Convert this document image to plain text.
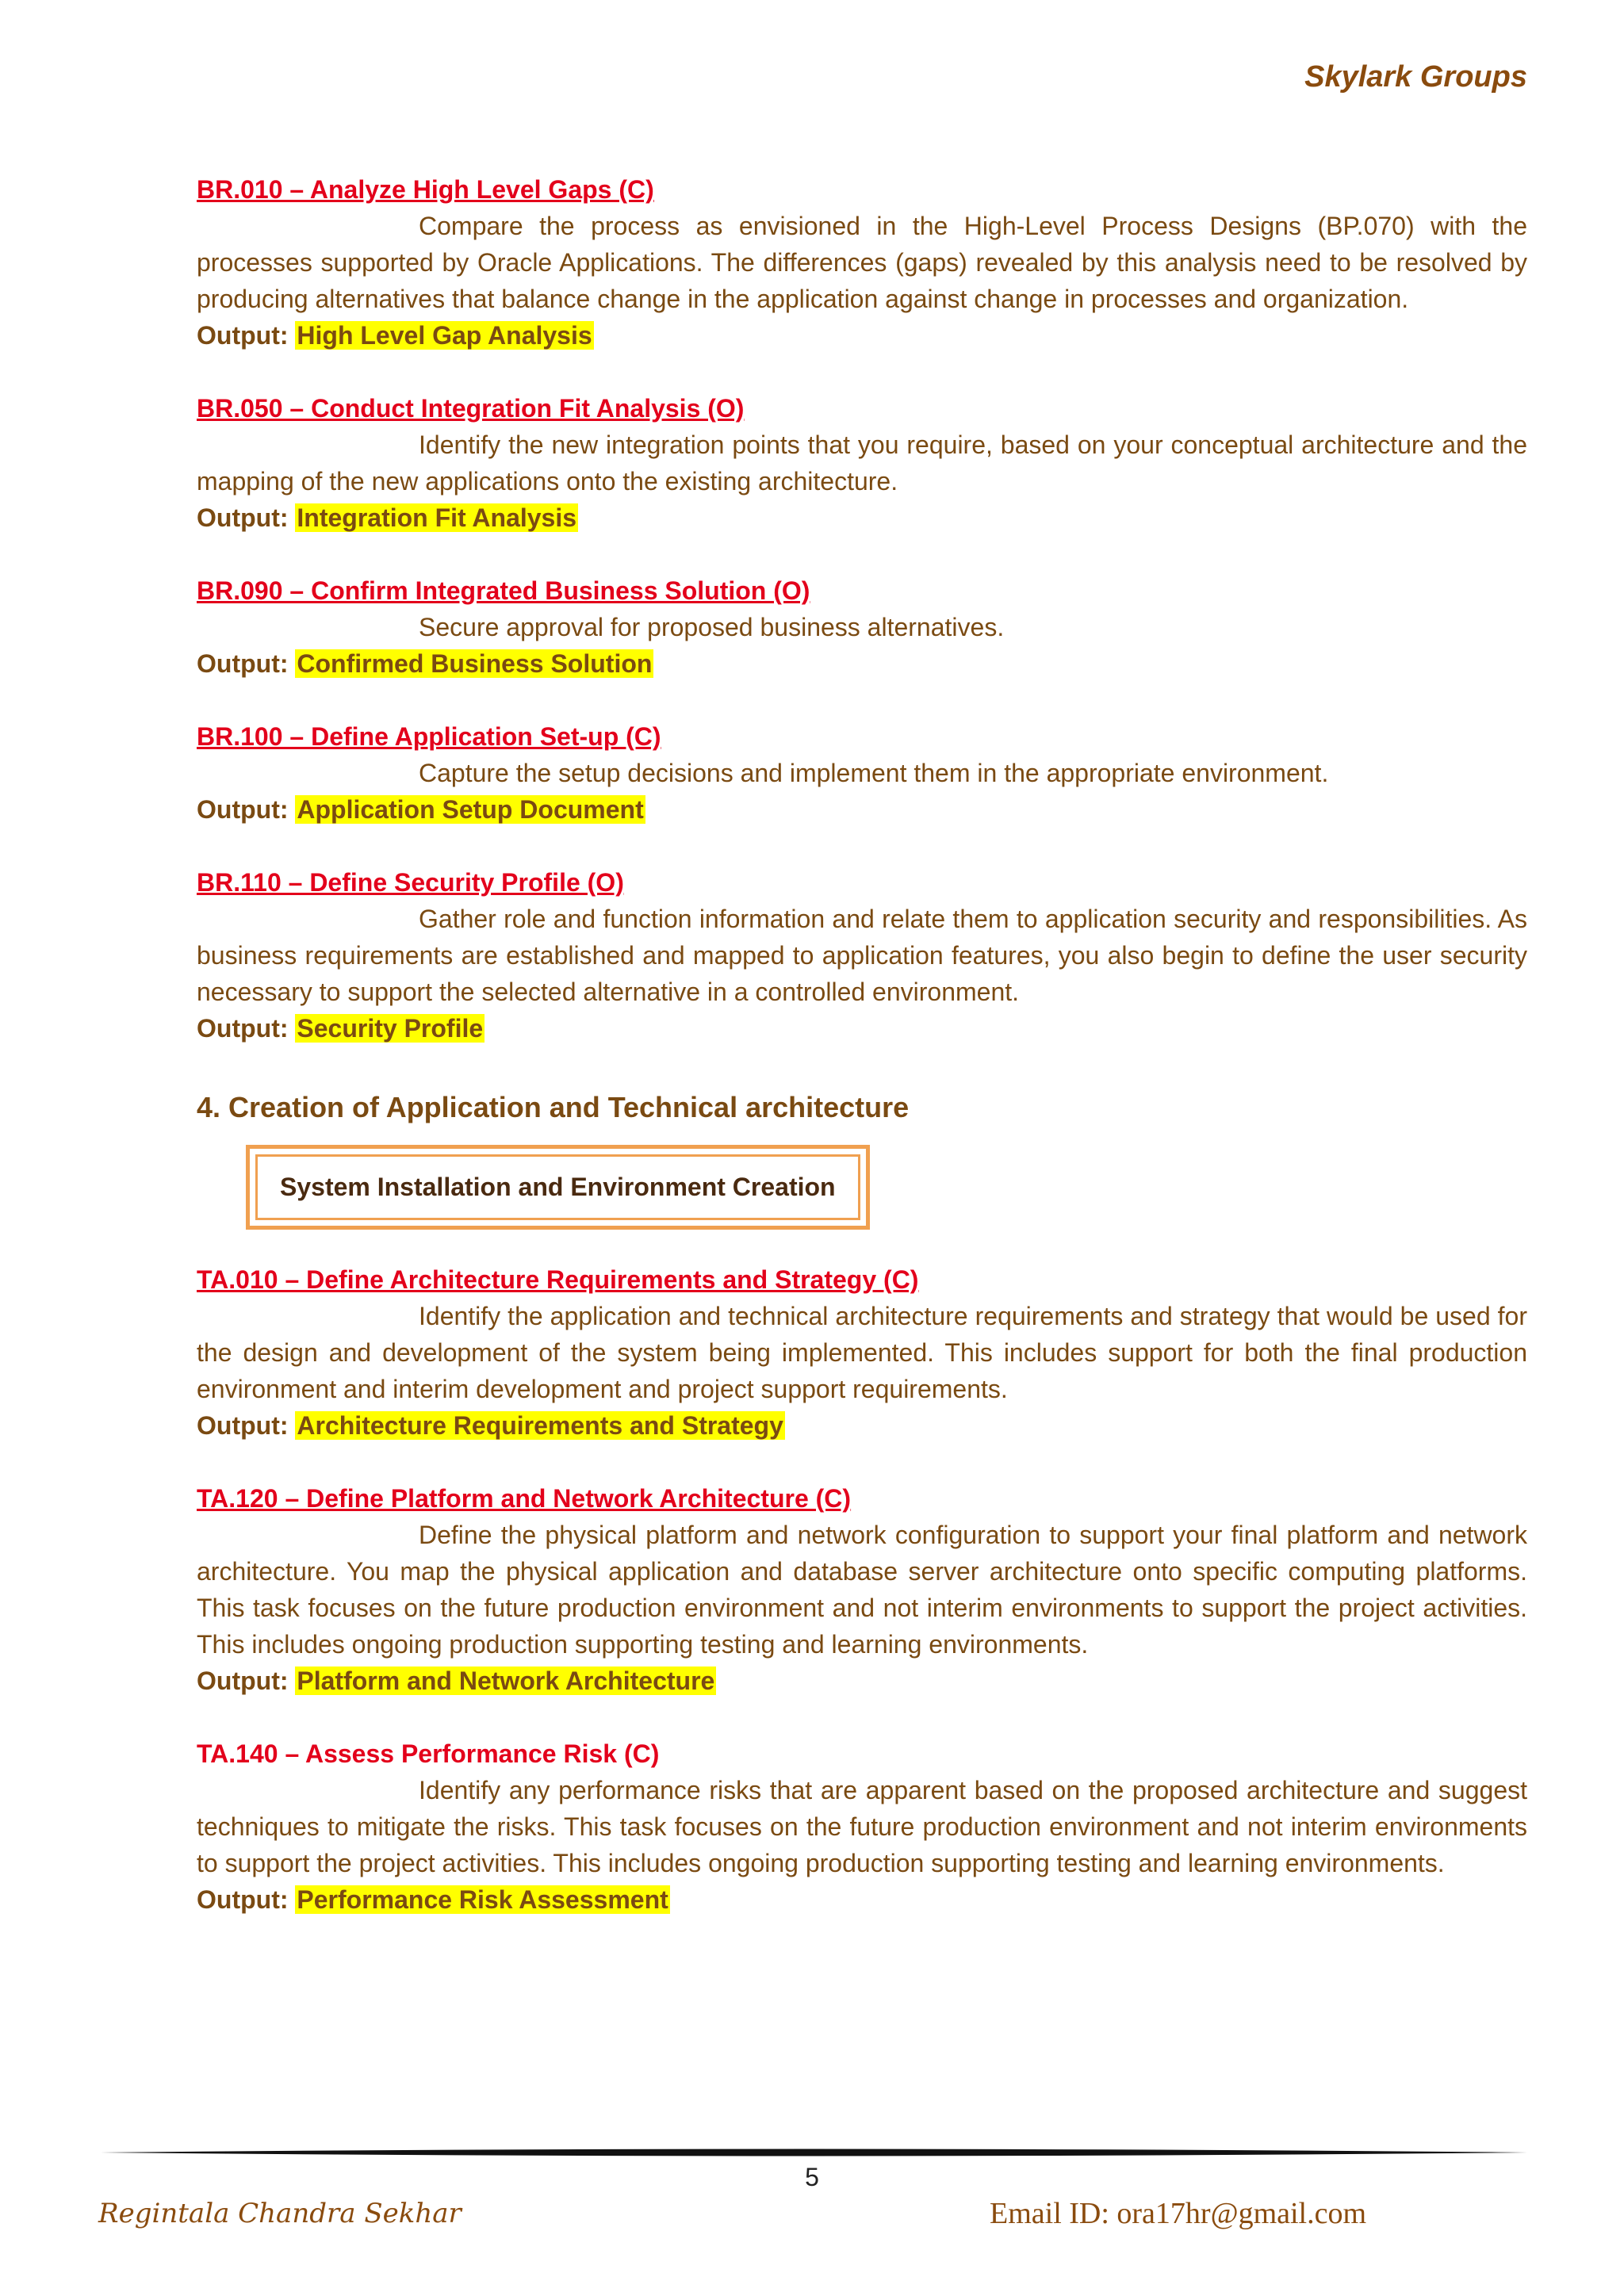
Skylark Groups
BR.010 – Analyze High Level Gaps (C)

Compare the process as envisioned in the High-Level Process Designs (BP.070) with the processes supported by Oracle Applications. The differences (gaps) revealed by this analysis need to be resolved by producing alternatives that balance change in the application against change in processes and organization.

Output: High Level Gap Analysis
BR.050 – Conduct Integration Fit Analysis (O)

Identify the new integration points that you require, based on your conceptual architecture and the mapping of the new applications onto the existing architecture.

Output: Integration Fit Analysis
BR.090 – Confirm Integrated Business Solution (O)

Secure approval for proposed business alternatives.

Output: Confirmed Business Solution
BR.100 – Define Application Set-up (C)

Capture the setup decisions and implement them in the appropriate environment.

Output: Application Setup Document
BR.110 – Define Security Profile (O)

Gather role and function information and relate them to application security and responsibilities. As business requirements are established and mapped to application features, you also begin to define the user security necessary to support the selected alternative in a controlled environment.

Output: Security Profile
4. Creation of Application and Technical architecture
System Installation and Environment Creation
TA.010 – Define Architecture Requirements and Strategy (C)

Identify the application and technical architecture requirements and strategy that would be used for the design and development of the system being implemented. This includes support for both the final production environment and interim development and project support requirements.

Output: Architecture Requirements and Strategy
TA.120 – Define Platform and Network Architecture (C)

Define the physical platform and network configuration to support your final platform and network architecture. You map the physical application and database server architecture onto specific computing platforms. This task focuses on the future production environment and not interim environments to support the project activities. This includes ongoing production supporting testing and learning environments.

Output: Platform and Network Architecture
TA.140 – Assess Performance Risk (C)

Identify any performance risks that are apparent based on the proposed architecture and suggest techniques to mitigate the risks. This task focuses on the future production environment and not interim environments to support the project activities. This includes ongoing production supporting testing and learning environments.

Output: Performance Risk Assessment
5
Regintala Chandra Sekhar	Email ID: ora17hr@gmail.com
